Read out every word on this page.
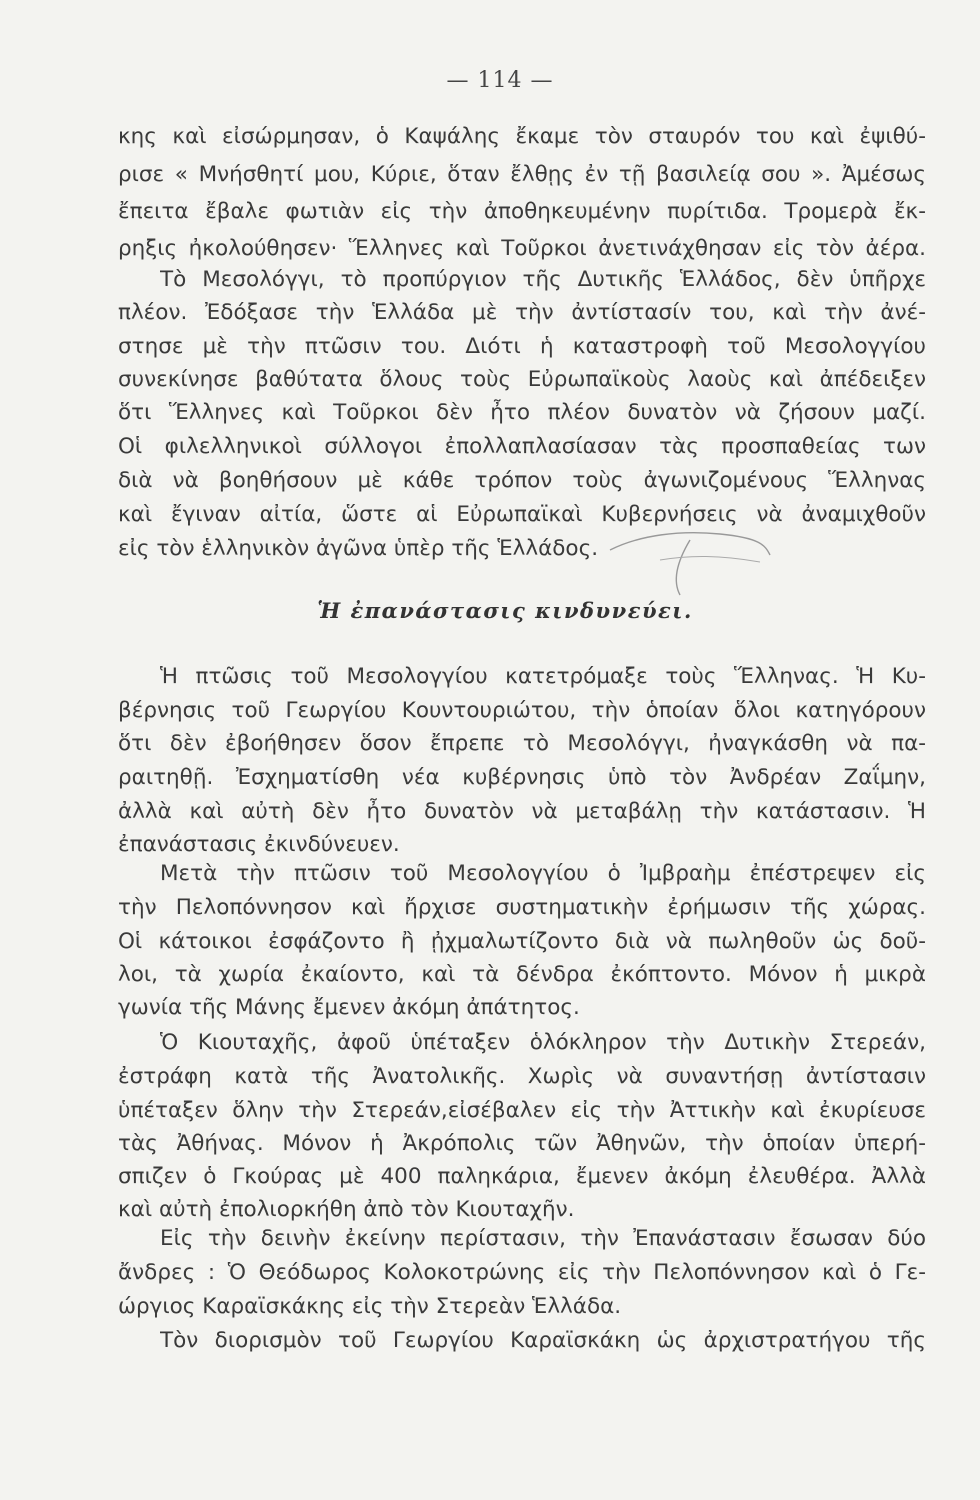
— 114 —
κης καὶ εἰσώρμησαν, ὁ Καψάλης ἔκαμε τὸν σταυρόν του καὶ ἐψιθύ-
ρισε « Μνήσθητί μου, Κύριε, ὅταν ἔλθῃς ἐν τῇ βασιλείᾳ σου ». Ἀμέσως
ἔπειτα ἔβαλε φωτιὰν εἰς τὴν ἀποθηκευμένην πυρίτιδα. Τρομερὰ ἔκ-
ρηξις ἠκολούθησεν· Ἕλληνες καὶ Τοῦρκοι ἀνετινάχθησαν εἰς τὸν ἀέρα.
Τὸ Μεσολόγγι, τὸ προπύργιον τῆς Δυτικῆς Ἑλλάδος, δὲν ὑπῆρχε
πλέον. Ἐδόξασε τὴν Ἑλλάδα μὲ τὴν ἀντίστασίν του, καὶ τὴν ἀνέ-
στησε μὲ τὴν πτῶσιν του. Διότι ἡ καταστροφὴ τοῦ Μεσολογγίου
συνεκίνησε βαθύτατα ὅλους τοὺς Εὐρωπαϊκοὺς λαοὺς καὶ ἀπέδειξεν
ὅτι Ἕλληνες καὶ Τοῦρκοι δὲν ἦτο πλέον δυνατὸν νὰ ζήσουν μαζί.
Οἱ φιλελληνικοὶ σύλλογοι ἐπολλαπλασίασαν τὰς προσπαθείας των
διὰ νὰ βοηθήσουν μὲ κάθε τρόπον τοὺς ἀγωνιζομένους Ἕλληνας
καὶ ἔγιναν αἰτία, ὥστε αἱ Εὐρωπαϊκαὶ Κυβερνήσεις νὰ ἀναμιχθοῦν
εἰς τὸν ἑλληνικὸν ἀγῶνα ὑπὲρ τῆς Ἑλλάδος.
Ἡ ἐπανάστασις κινδυνεύει.
Ἡ πτῶσις τοῦ Μεσολογγίου κατετρόμαξε τοὺς Ἕλληνας. Ἡ Κυ-
βέρνησις τοῦ Γεωργίου Κουντουριώτου, τὴν ὁποίαν ὅλοι κατηγόρουν
ὅτι δὲν ἐβοήθησεν ὅσον ἔπρεπε τὸ Μεσολόγγι, ἠναγκάσθη νὰ πα-
ραιτηθῇ. Ἐσχηματίσθη νέα κυβέρνησις ὑπὸ τὸν Ἀνδρέαν Ζαΐμην,
ἀλλὰ καὶ αὐτὴ δὲν ἦτο δυνατὸν νὰ μεταβάλῃ τὴν κατάστασιν. Ἡ
ἐπανάστασις ἐκινδύνευεν.
Μετὰ τὴν πτῶσιν τοῦ Μεσολογγίου ὁ Ἰμβραὴμ ἐπέστρεψεν εἰς
τὴν Πελοπόννησον καὶ ἤρχισε συστηματικὴν ἐρήμωσιν τῆς χώρας.
Οἱ κάτοικοι ἐσφάζοντο ἢ ᾐχμαλωτίζοντο διὰ νὰ πωληθοῦν ὡς δοῦ-
λοι, τὰ χωρία ἐκαίοντο, καὶ τὰ δένδρα ἐκόπτοντο. Μόνον ἡ μικρὰ
γωνία τῆς Μάνης ἔμενεν ἀκόμη ἀπάτητος.
Ὁ Κιουταχῆς, ἀφοῦ ὑπέταξεν ὁλόκληρον τὴν Δυτικὴν Στερεάν,
ἐστράφη κατὰ τῆς Ἀνατολικῆς. Χωρὶς νὰ συναντήσῃ ἀντίστασιν
ὑπέταξεν ὅλην τὴν Στερεάν,εἰσέβαλεν εἰς τὴν Ἀττικὴν καὶ ἐκυρίευσε
τὰς Ἀθήνας. Μόνον ἡ Ἀκρόπολις τῶν Ἀθηνῶν, τὴν ὁποίαν ὑπερή-
σπιζεν ὁ Γκούρας μὲ 400 παληκάρια, ἔμενεν ἀκόμη ἐλευθέρα. Ἀλλὰ
καὶ αὐτὴ ἐπολιορκήθη ἀπὸ τὸν Κιουταχῆν.
Εἰς τὴν δεινὴν ἐκείνην περίστασιν, τὴν Ἐπανάστασιν ἔσωσαν δύο
ἄνδρες : Ὁ Θεόδωρος Κολοκοτρώνης εἰς τὴν Πελοπόννησον καὶ ὁ Γε-
ώργιος Καραϊσκάκης εἰς τὴν Στερεὰν Ἑλλάδα.
Τὸν διορισμὸν τοῦ Γεωργίου Καραϊσκάκη ὡς ἀρχιστρατήγου τῆς
